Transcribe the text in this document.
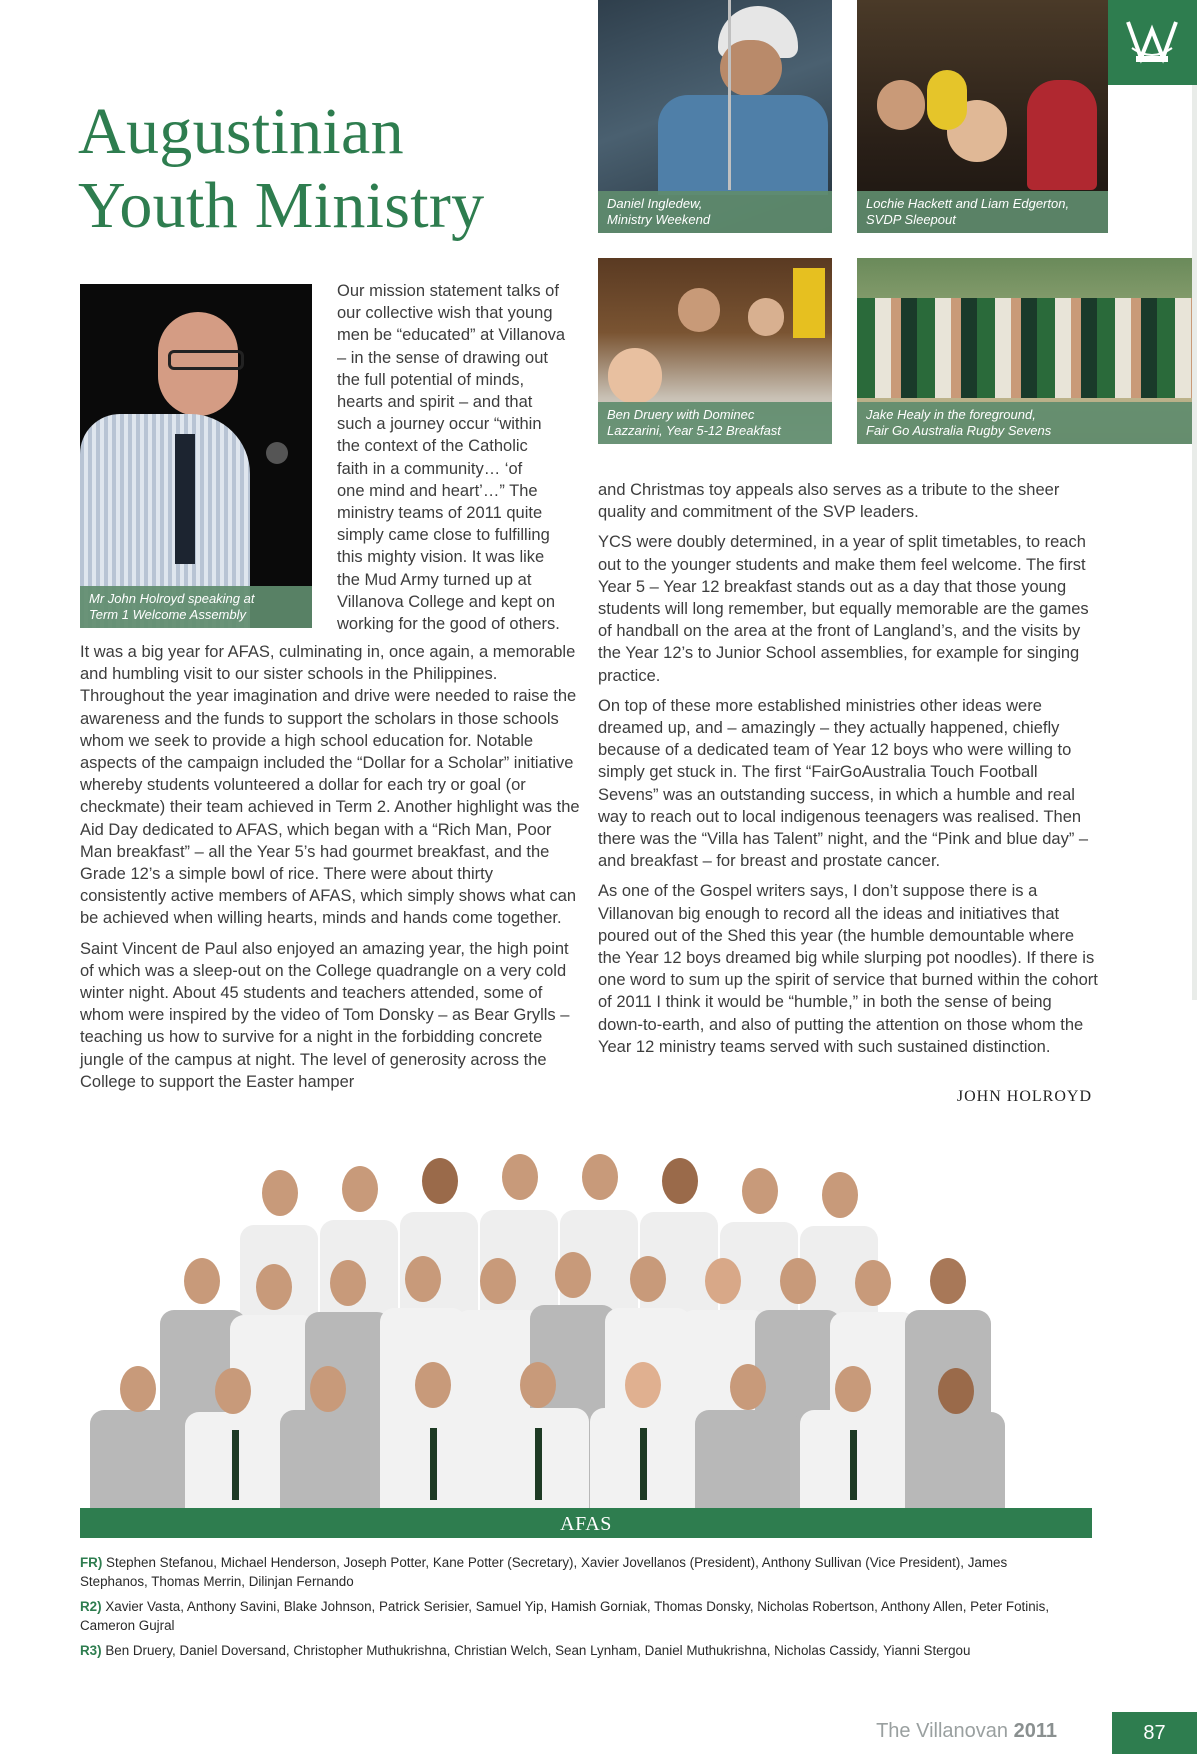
Augustinian
Youth Ministry	Daniel Ingledew,
Ministry Weekend
Lochie Hackett and Liam Edgerton,
SVDP Sleepout
Ben Druery with Dominec
Lazzarini, Year 5-12 Breakfast
Jake Healy in the foreground,
Fair Go Australia Rugby Sevens
Mr John Holroyd speaking at
Term 1 Welcome Assembly
Our mission statement talks of
our collective wish that young
men be “educated” at Villanova
– in the sense of drawing out
the full potential of minds,
hearts and spirit – and that
such a journey occur “within
the context of the Catholic
faith in a community… ‘of
one mind and heart’…” The
ministry teams of 2011 quite
simply came close to fulfilling
this mighty vision. It was like
the Mud Army turned up at
Villanova College and kept on
working for the good of others.

It was a big year for AFAS, culminating in, once again, a memorable and humbling visit to our sister schools in the Philippines. Throughout the year imagination and drive were needed to raise the awareness and the funds to support the scholars in those schools whom we seek to provide a high school education for. Notable aspects of the campaign included the “Dollar for a Scholar” initiative whereby students volunteered a dollar for each try or goal (or checkmate) their team achieved in Term 2. Another highlight was the Aid Day dedicated to AFAS, which began with a “Rich Man, Poor Man breakfast” – all the Year 5’s had gourmet breakfast, and the Grade 12’s a simple bowl of rice. There were about thirty consistently active members of AFAS, which simply shows what can be achieved when willing hearts, minds and hands come together.

Saint Vincent de Paul also enjoyed an amazing year, the high point of which was a sleep-out on the College quadrangle on a very cold winter night. About 45 students and teachers attended, some of whom were inspired by the video of Tom Donsky – as Bear Grylls – teaching us how to survive for a night in the forbidding concrete jungle of the campus at night. The level of generosity across the College to support the Easter hamper

and Christmas toy appeals also serves as a tribute to the sheer quality and commitment of the SVP leaders.

YCS were doubly determined, in a year of split timetables, to reach out to the younger students and make them feel welcome. The first Year 5 – Year 12 breakfast stands out as a day that those young students will long remember, but equally memorable are the games of handball on the area at the front of Langland’s, and the visits by the Year 12’s to Junior School assemblies, for example for singing practice.

On top of these more established ministries other ideas were dreamed up, and – amazingly – they actually happened, chiefly because of a dedicated team of Year 12 boys who were willing to simply get stuck in. The first “FairGoAustralia Touch Football Sevens” was an outstanding success, in which a humble and real way to reach out to local indigenous teenagers was realised. Then there was the “Villa has Talent” night, and the “Pink and blue day” – and breakfast – for breast and prostate cancer.

As one of the Gospel writers says, I don’t suppose there is a Villanovan big enough to record all the ideas and initiatives that poured out of the Shed this year (the humble demountable where the Year 12 boys dreamed big while slurping pot noodles). If there is one word to sum up the spirit of service that burned within the cohort of 2011 I think it would be “humble,” in both the sense of being down-to-earth, and also of putting the attention on those whom the Year 12 ministry teams served with such sustained distinction.

JOHN HOLROYD
AFAS
FR) Stephen Stefanou, Michael Henderson, Joseph Potter, Kane Potter (Secretary), Xavier Jovellanos (President), Anthony Sullivan (Vice President), James Stephanos, Thomas Merrin, Dilinjan Fernando
R2) Xavier Vasta, Anthony Savini, Blake Johnson, Patrick Serisier, Samuel Yip, Hamish Gorniak, Thomas Donsky, Nicholas Robertson, Anthony Allen, Peter Fotinis, Cameron Gujral
R3) Ben Druery, Daniel Doversand, Christopher Muthukrishna, Christian Welch, Sean Lynham, Daniel Muthukrishna, Nicholas Cassidy, Yianni Stergou
The Villanovan 2011	87
